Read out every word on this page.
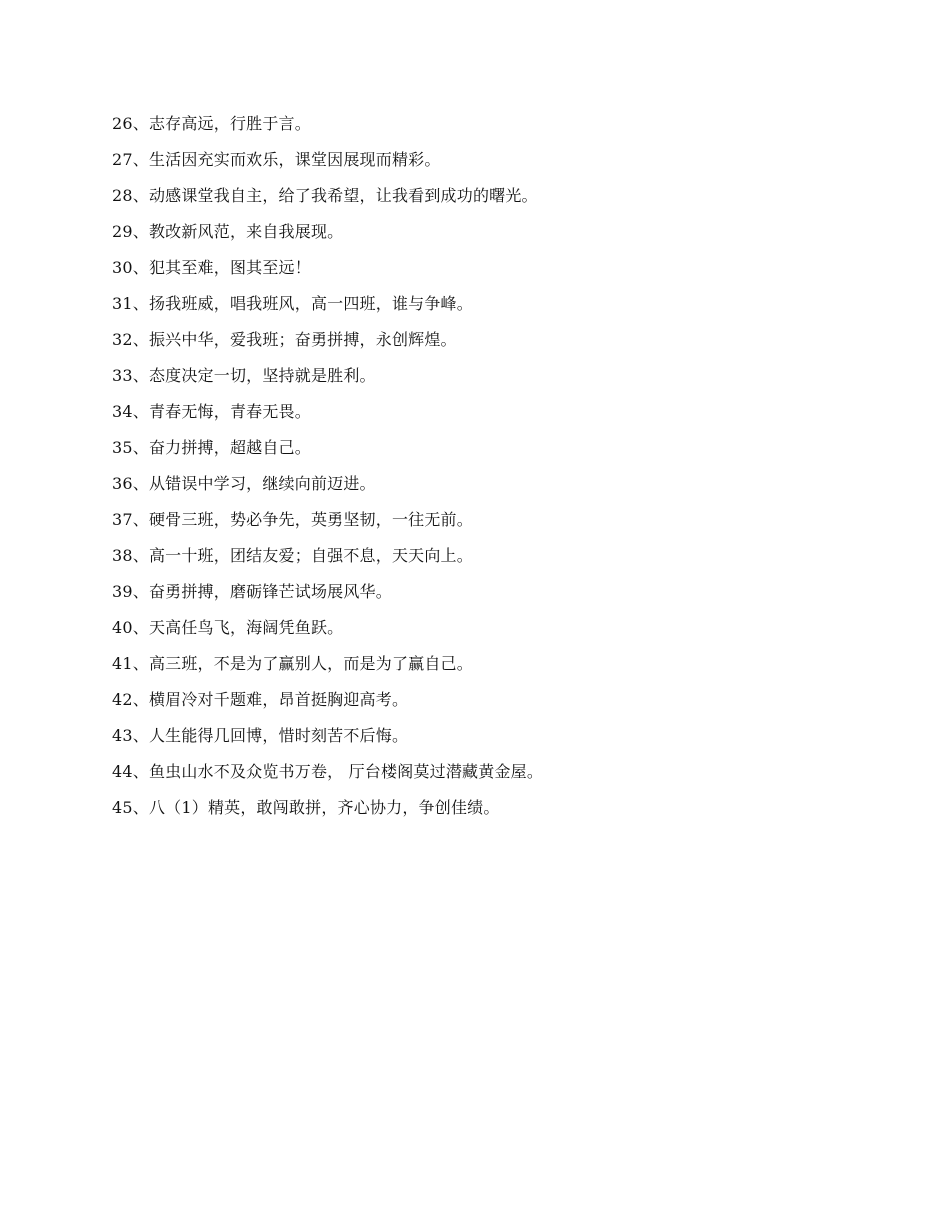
26、志存高远，行胜于言。
27、生活因充实而欢乐，课堂因展现而精彩。
28、动感课堂我自主，给了我希望，让我看到成功的曙光。
29、教改新风范，来自我展现。
30、犯其至难，图其至远！
31、扬我班威，唱我班风，高一四班，谁与争峰。
32、振兴中华，爱我班；奋勇拼搏，永创辉煌。
33、态度决定一切，坚持就是胜利。
34、青春无悔，青春无畏。
35、奋力拼搏，超越自己。
36、从错误中学习，继续向前迈进。
37、硬骨三班，势必争先，英勇坚韧，一往无前。
38、高一十班，团结友爱；自强不息，天天向上。
39、奋勇拼搏，磨砺锋芒试场展风华。
40、天高任鸟飞，海阔凭鱼跃。
41、高三班，不是为了赢别人，而是为了赢自己。
42、横眉冷对千题难，昂首挺胸迎高考。
43、人生能得几回博，惜时刻苦不后悔。
44、鱼虫山水不及众览书万卷， 厅台楼阁莫过潜藏黄金屋。
45、八（1）精英，敢闯敢拼，齐心协力，争创佳绩。
